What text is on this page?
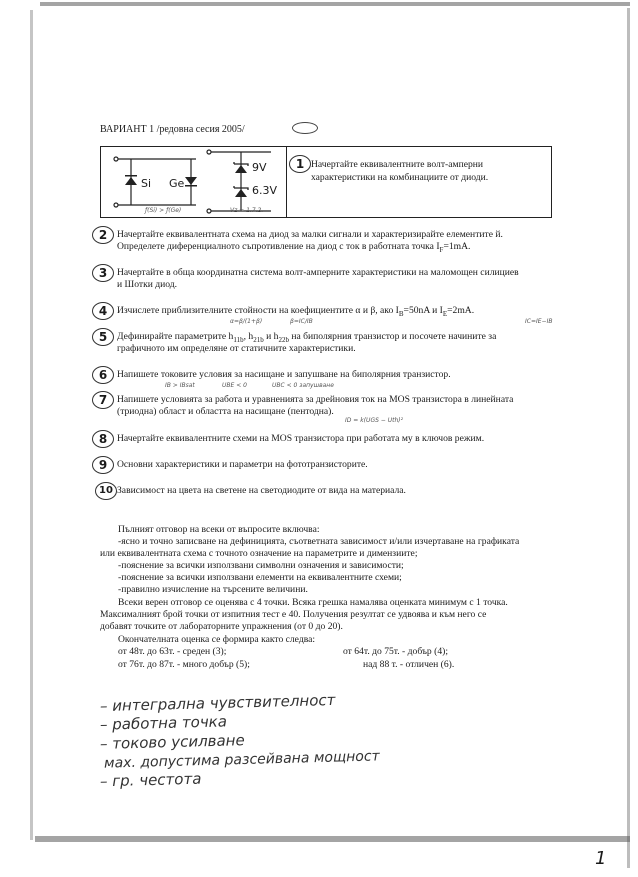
ВАРИАНТ 1 /редовна сесия 2005/
Si Ge
9V
6.3V
1 Начертайте еквивалентните волт-амперни характеристики на комбинациите от диоди.
ƒ(Si) > ƒ(Ge)	Vz = 1.7.2.
2	Начертайте еквивалентната схема на диод за малки сигнали и характеризирайте елементите й.
Определете диференциалното съпротивление на диод с ток в работната точка $I_F=1mA$.
3	Начертайте в обща координатна система волт-амперните характеристики на маломощен силициев
и Шотки диод.
4	Изчислете приблизителните стойности на коефициентите α и β, ако $I_B=50nA$ и $I_E=2mA$.
α=β/(1+β)	β=IC/IB	IC=IE−IB
5	Дефинирайте параметрите $h_{11b}$, $h_{21b}$ и $h_{22b}$ на биполярния транзистор и посочете начините за
графичното им определяне от статичните характеристики.
6	Напишете токовите условия за насищане и запушване на биполярния транзистор.
IB > IBsat	UBE < 0	UBC < 0 запушване
7	Напишете условията за работа и уравненията за дрейновия ток на MOS транзистора в линейната
(триодна) област и областта на насищане (пентодна).
ID = k(UGS − Uth)²
8	Начертайте еквивалентните схеми на MOS транзистора при работата му в ключов режим.
9	Основни характеристики и параметри на фототранзисторите.
10 Зависимост на цвета на светене на светодиодите от вида на материала.
Пълният отговор на всеки от въпросите включва:
-ясно и точно записване на дефиницията, съответната зависимост и/или изчертаване на графиката
или еквивалентната схема с точното означение на параметрите и димензиите;
-пояснение за всички използвани символни означения и зависимости;
-пояснение за всички използвани елементи на еквивалентните схеми;
-правилно изчисление на търсените величини.
Всеки верен отговор се оценява с 4 точки. Всяка грешка намалява оценката минимум с 1 точка.
Максималният брой точки от изпитния тест е 40. Получения резултат се удвоява и към него се
добавят точките от лабораторните упражнения (от 0 до 20).
Окончателната оценка се формира както следва:
от 48т. до 63т. - среден (3);	от 64т. до 75т. - добър (4);
от 76т. до 87т. - много добър (5);	над 88 т. - отличен (6).
– интегрална чувствителност
– работна точка
– токово усилване
мах. допустима разсейвана мощност
– гр. честота
1
